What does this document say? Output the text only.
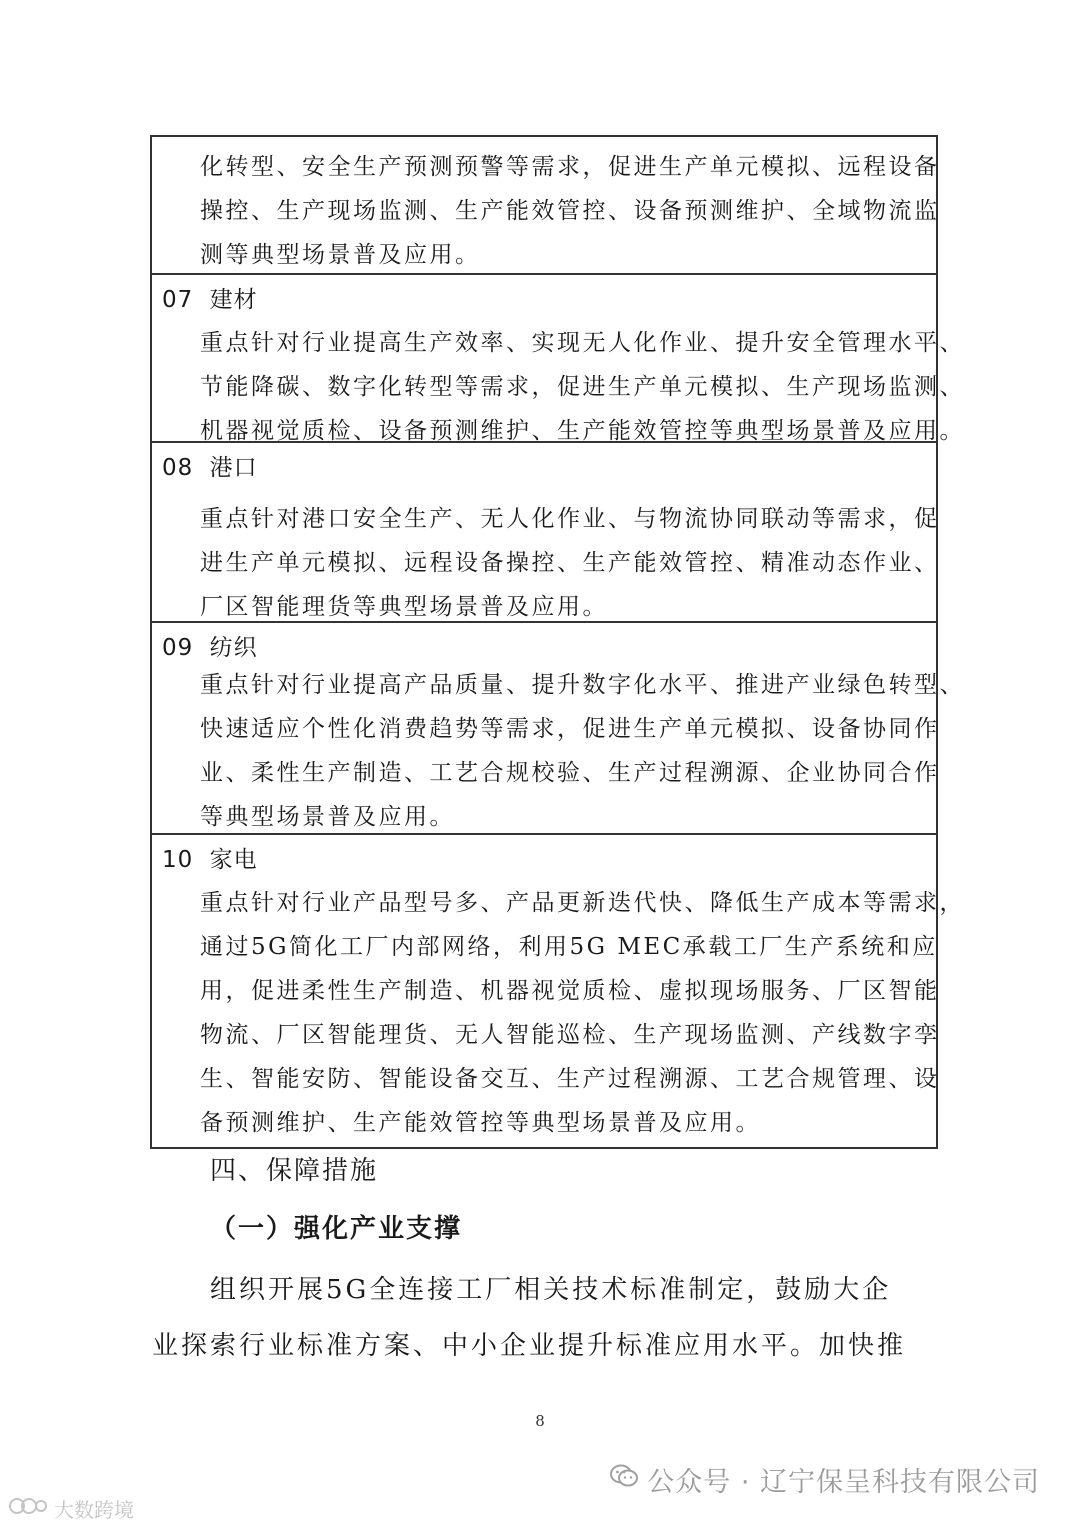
化转型、安全生产预测预警等需求，促进生产单元模拟、远程设备
操控、生产现场监测、生产能效管控、设备预测维护、全域物流监
测等典型场景普及应用。
07 建材
重点针对行业提高生产效率、实现无人化作业、提升安全管理水平、
节能降碳、数字化转型等需求，促进生产单元模拟、生产现场监测、
机器视觉质检、设备预测维护、生产能效管控等典型场景普及应用。
08 港口
重点针对港口安全生产、无人化作业、与物流协同联动等需求，促
进生产单元模拟、远程设备操控、生产能效管控、精准动态作业、
厂区智能理货等典型场景普及应用。
09 纺织
重点针对行业提高产品质量、提升数字化水平、推进产业绿色转型、
快速适应个性化消费趋势等需求，促进生产单元模拟、设备协同作
业、柔性生产制造、工艺合规校验、生产过程溯源、企业协同合作
等典型场景普及应用。
10 家电
重点针对行业产品型号多、产品更新迭代快、降低生产成本等需求，
通过5G简化工厂内部网络，利用5G MEC承载工厂生产系统和应
用，促进柔性生产制造、机器视觉质检、虚拟现场服务、厂区智能
物流、厂区智能理货、无人智能巡检、生产现场监测、产线数字孪
生、智能安防、智能设备交互、生产过程溯源、工艺合规管理、设
备预测维护、生产能效管控等典型场景普及应用。
四、保障措施
（一）强化产业支撑
组织开展5G全连接工厂相关技术标准制定，鼓励大企
业探索行业标准方案、中小企业提升标准应用水平。加快推
8
公众号 · 辽宁保呈科技有限公司
大数跨境
